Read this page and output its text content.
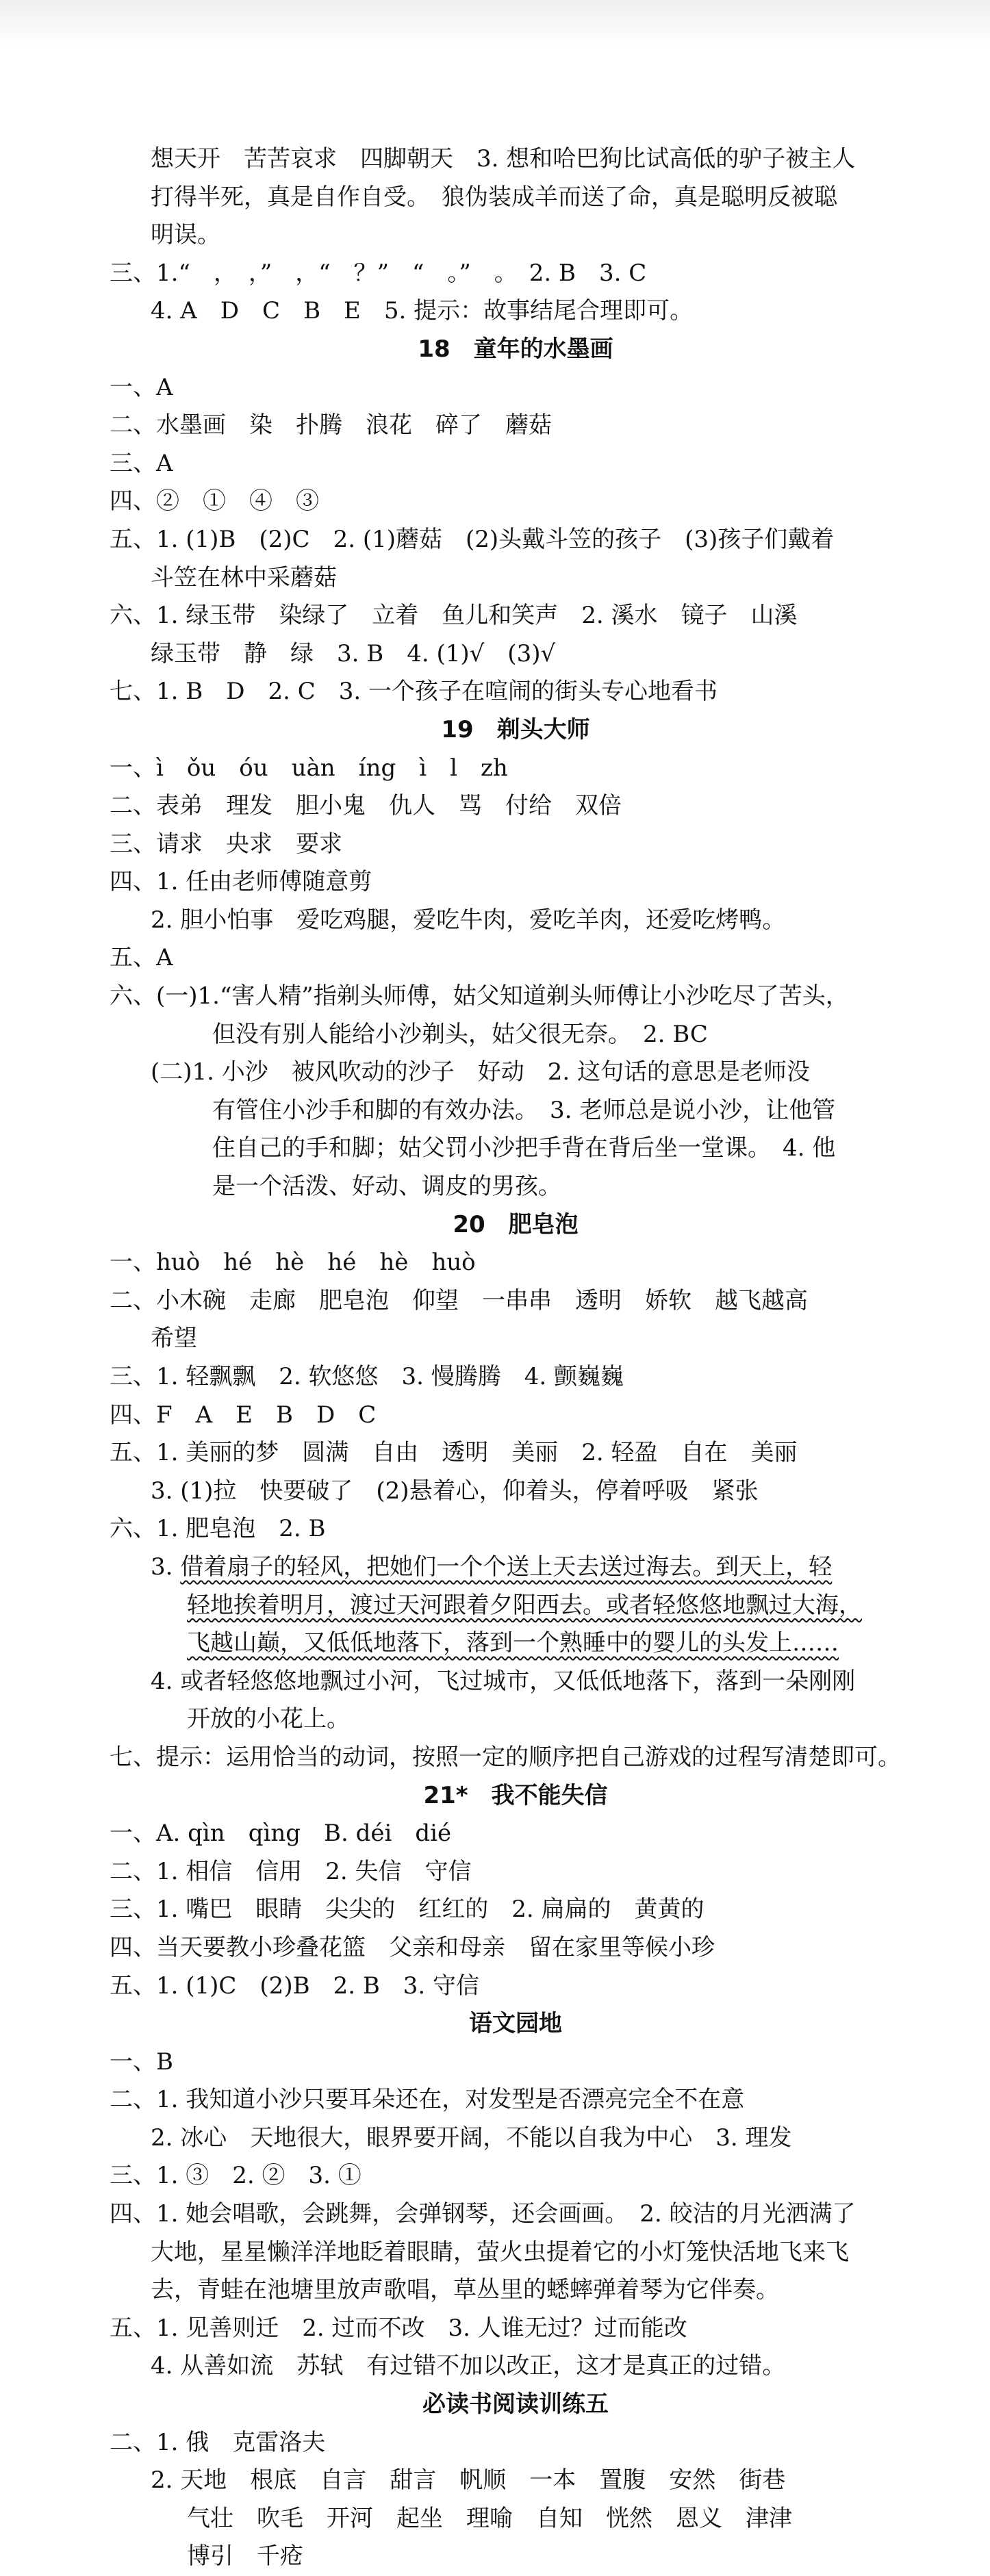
想天开　苦苦哀求　四脚朝天　3. 想和哈巴狗比试高低的驴子被主人
打得半死，真是自作自受。　狼伪装成羊而送了命，真是聪明反被聪
明误。
三、1.“　，　，”　，“　？”　“　。”　。　2. B　3. C
4. A　D　C　B　E　5. 提示：故事结尾合理即可。
18　童年的水墨画
一、A
二、水墨画　染　扑腾　浪花　碎了　蘑菇
三、A
四、②　①　④　③
五、1. (1)B　(2)C　2. (1)蘑菇　(2)头戴斗笠的孩子　(3)孩子们戴着
斗笠在林中采蘑菇
六、1. 绿玉带　染绿了　立着　鱼儿和笑声　2. 溪水　镜子　山溪
绿玉带　静　绿　3. B　4. (1)√　(3)√
七、1. B　D　2. C　3. 一个孩子在喧闹的街头专心地看书
19　剃头大师
一、ì　ǒu　óu　uàn　íng　ì　l　zh
二、表弟　理发　胆小鬼　仇人　骂　付给　双倍
三、请求　央求　要求
四、1. 任由老师傅随意剪
2. 胆小怕事　爱吃鸡腿，爱吃牛肉，爱吃羊肉，还爱吃烤鸭。
五、A
六、(一)1.“害人精”指剃头师傅，姑父知道剃头师傅让小沙吃尽了苦头，
但没有别人能给小沙剃头，姑父很无奈。　2. BC
(二)1. 小沙　被风吹动的沙子　好动　2. 这句话的意思是老师没
有管住小沙手和脚的有效办法。　3. 老师总是说小沙，让他管
住自己的手和脚；姑父罚小沙把手背在背后坐一堂课。　4. 他
是一个活泼、好动、调皮的男孩。
20　肥皂泡
一、huò　hé　hè　hé　hè　huò
二、小木碗　走廊　肥皂泡　仰望　一串串　透明　娇软　越飞越高
希望
三、1. 轻飘飘　2. 软悠悠　3. 慢腾腾　4. 颤巍巍
四、F　A　E　B　D　C
五、1. 美丽的梦　圆满　自由　透明　美丽　2. 轻盈　自在　美丽
3. (1)拉　快要破了　(2)悬着心，仰着头，停着呼吸　紧张
六、1. 肥皂泡　2. B
3. 借着扇子的轻风，把她们一个个送上天去送过海去。到天上，轻
轻地挨着明月，渡过天河跟着夕阳西去。或者轻悠悠地飘过大海，
飞越山巅，又低低地落下，落到一个熟睡中的婴儿的头发上……
4. 或者轻悠悠地飘过小河，飞过城市，又低低地落下，落到一朵刚刚
开放的小花上。
七、提示：运用恰当的动词，按照一定的顺序把自己游戏的过程写清楚即可。
21*　我不能失信
一、A. qìn　qìng　B. déi　dié
二、1. 相信　信用　2. 失信　守信
三、1. 嘴巴　眼睛　尖尖的　红红的　2. 扁扁的　黄黄的
四、当天要教小珍叠花篮　父亲和母亲　留在家里等候小珍
五、1. (1)C　(2)B　2. B　3. 守信
语文园地
一、B
二、1. 我知道小沙只要耳朵还在，对发型是否漂亮完全不在意
2. 冰心　天地很大，眼界要开阔，不能以自我为中心　3. 理发
三、1. ③　2. ②　3. ①
四、1. 她会唱歌，会跳舞，会弹钢琴，还会画画。　2. 皎洁的月光洒满了
大地，星星懒洋洋地眨着眼睛，萤火虫提着它的小灯笼快活地飞来飞
去，青蛙在池塘里放声歌唱，草丛里的蟋蟀弹着琴为它伴奏。
五、1. 见善则迁　2. 过而不改　3. 人谁无过？过而能改
4. 从善如流　苏轼　有过错不加以改正，这才是真正的过错。
必读书阅读训练五
二、1. 俄　克雷洛夫
2. 天地　根底　自言　甜言　帆顺　一本　置腹　安然　街巷
气壮　吹毛　开河　起坐　理喻　自知　恍然　恩义　津津
博引　千疮
